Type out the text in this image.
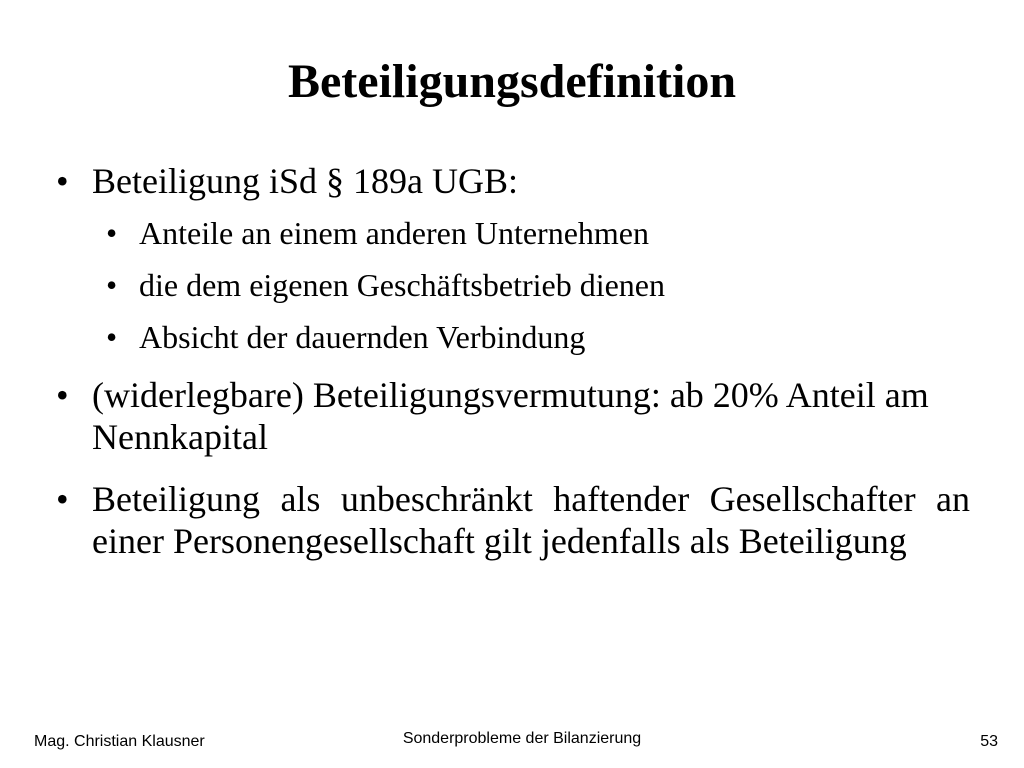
Beteiligungsdefinition
• Beteiligung iSd § 189a UGB:
• Anteile an einem anderen Unternehmen
• die dem eigenen Geschäftsbetrieb dienen
• Absicht der dauernden Verbindung
• (widerlegbare) Beteiligungsvermutung: ab 20% Anteil am Nennkapital
• Beteiligung als unbeschränkt haftender Gesellschafter an einer Personengesellschaft gilt jedenfalls als Beteiligung
Mag. Christian Klausner	Sonderprobleme der Bilanzierung	53
